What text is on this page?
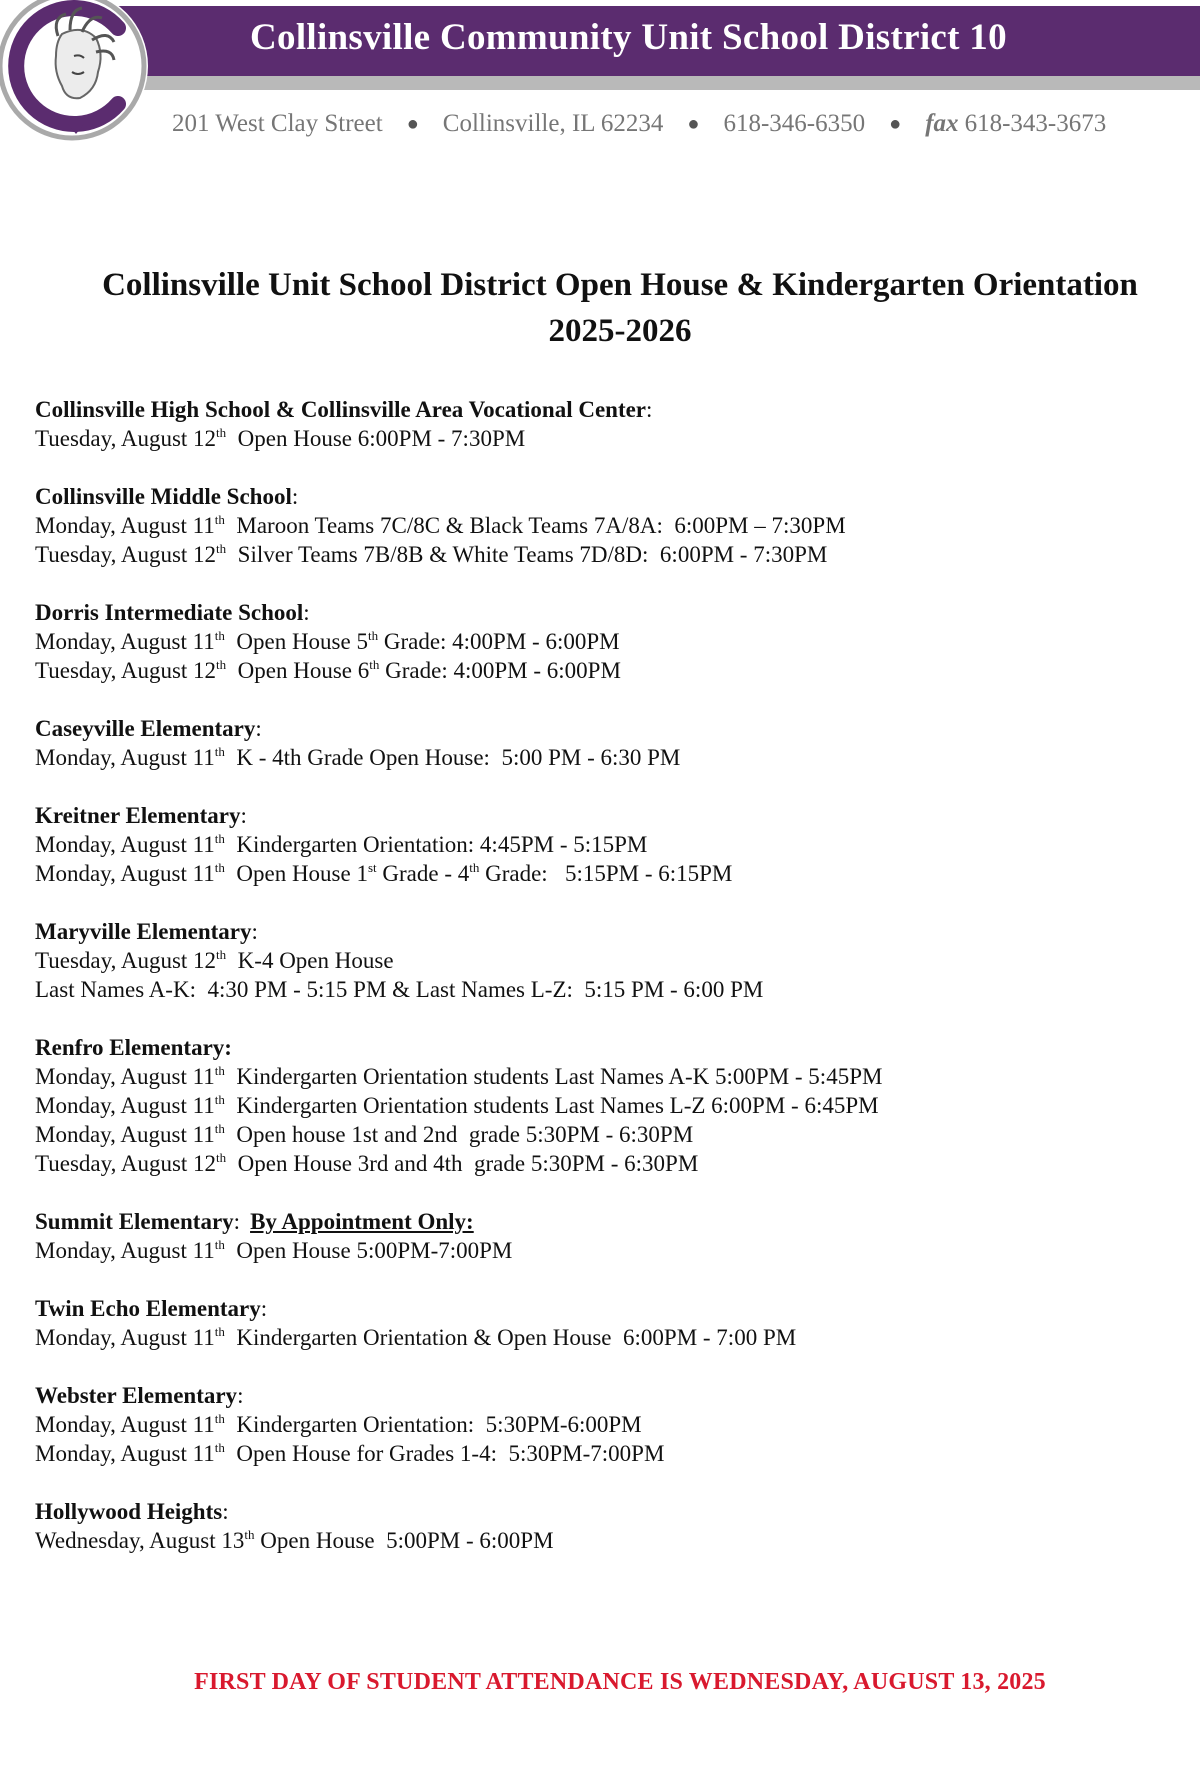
Collinsville Community Unit School District 10
201 West Clay Street ● Collinsville, IL 62234 ● 618-346-6350 ● fax 618-343-3673
Collinsville Unit School District Open House & Kindergarten Orientation
2025-2026
Collinsville High School & Collinsville Area Vocational Center:
Tuesday, August 12th  Open House 6:00PM - 7:30PM
Collinsville Middle School:
Monday, August 11th  Maroon Teams 7C/8C & Black Teams 7A/8A:  6:00PM – 7:30PM
Tuesday, August 12th  Silver Teams 7B/8B & White Teams 7D/8D:  6:00PM - 7:30PM
Dorris Intermediate School:
Monday, August 11th  Open House 5th Grade: 4:00PM - 6:00PM
Tuesday, August 12th  Open House 6th Grade: 4:00PM - 6:00PM
Caseyville Elementary:
Monday, August 11th  K - 4th Grade Open House:  5:00 PM - 6:30 PM
Kreitner Elementary:
Monday, August 11th  Kindergarten Orientation: 4:45PM - 5:15PM
Monday, August 11th  Open House 1st Grade - 4th Grade:   5:15PM - 6:15PM
Maryville Elementary:
Tuesday, August 12th  K-4 Open House
Last Names A-K:  4:30 PM - 5:15 PM & Last Names L-Z:  5:15 PM - 6:00 PM
Renfro Elementary:
Monday, August 11th  Kindergarten Orientation students Last Names A-K 5:00PM - 5:45PM
Monday, August 11th  Kindergarten Orientation students Last Names L-Z 6:00PM - 6:45PM
Monday, August 11th  Open house 1st and 2nd  grade 5:30PM - 6:30PM
Tuesday, August 12th  Open House 3rd and 4th  grade 5:30PM - 6:30PM
Summit Elementary: By Appointment Only:
Monday, August 11th  Open House 5:00PM-7:00PM
Twin Echo Elementary:
Monday, August 11th  Kindergarten Orientation & Open House  6:00PM - 7:00 PM
Webster Elementary:
Monday, August 11th  Kindergarten Orientation:  5:30PM-6:00PM
Monday, August 11th  Open House for Grades 1-4:  5:30PM-7:00PM
Hollywood Heights:
Wednesday, August 13th Open House  5:00PM - 6:00PM
FIRST DAY OF STUDENT ATTENDANCE IS WEDNESDAY, AUGUST 13, 2025
